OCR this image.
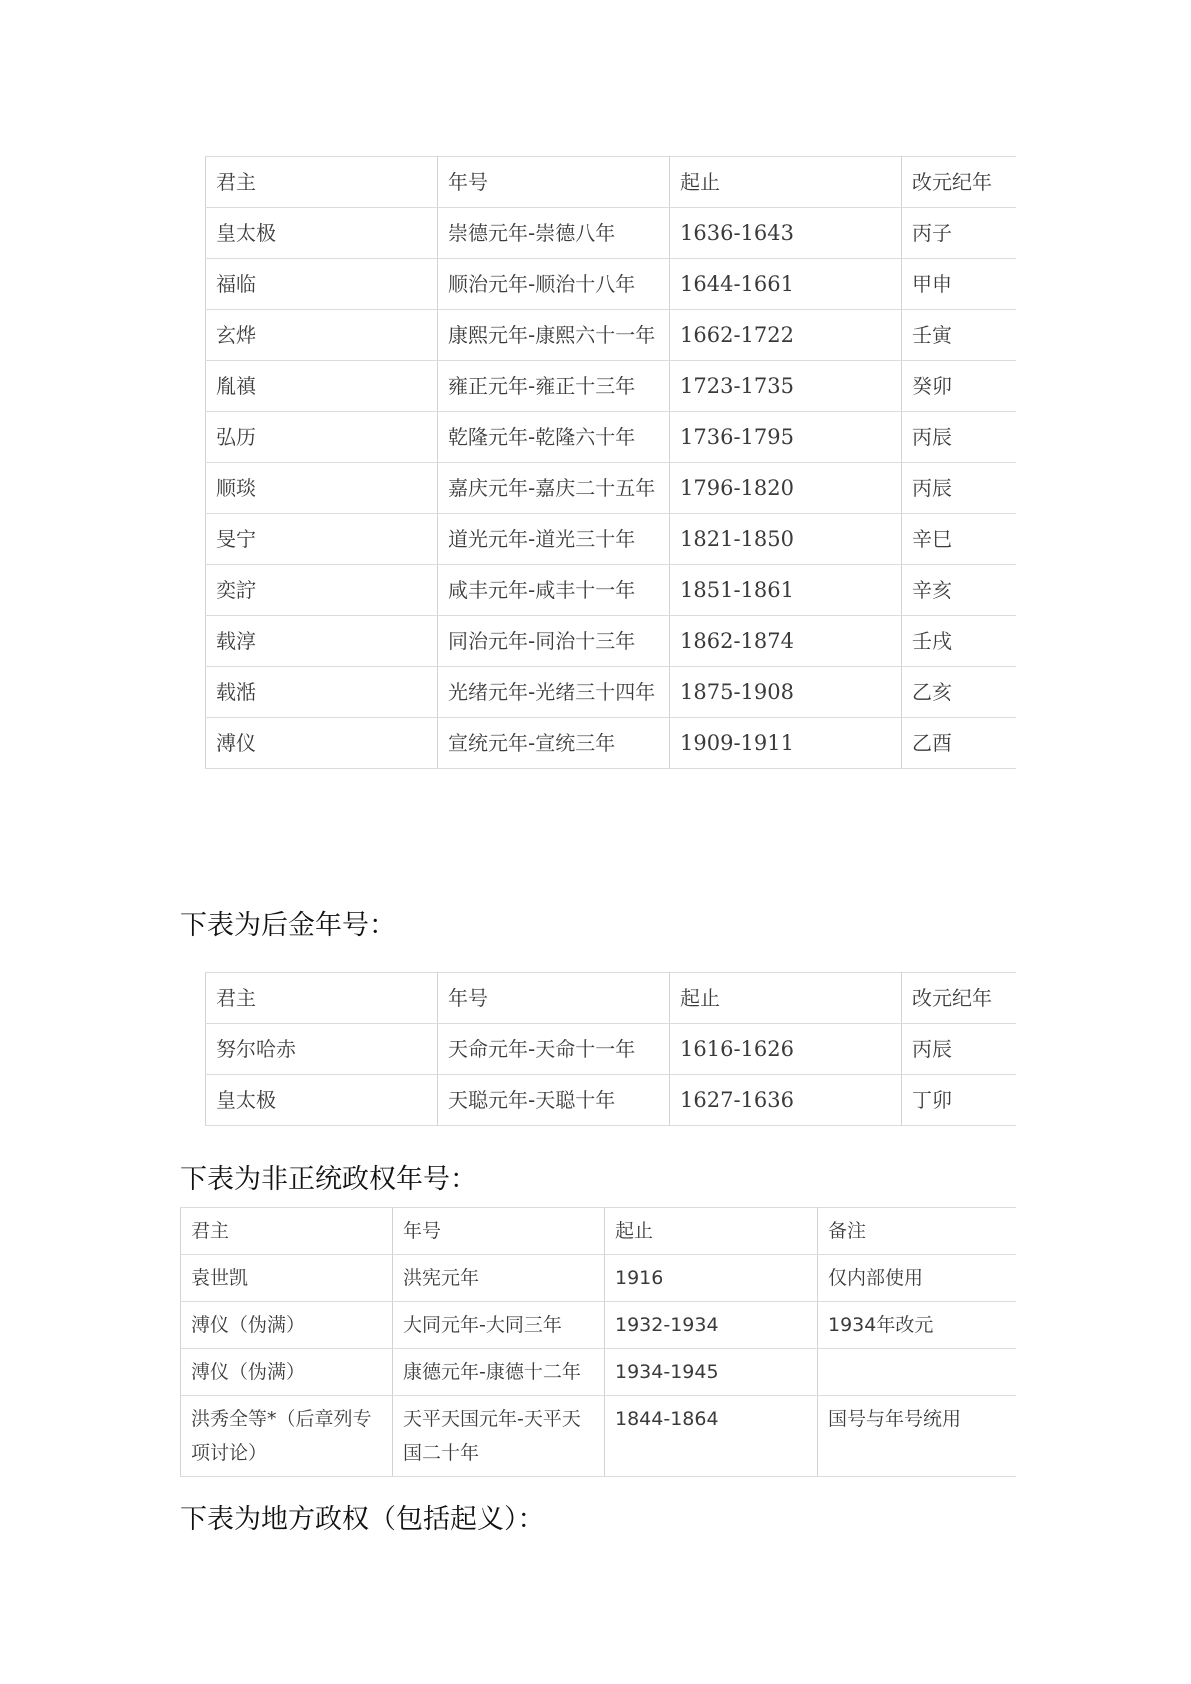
君主	年号	起止	改元纪年
皇太极	崇德元年-崇德八年	1636-1643	丙子
福临	顺治元年-顺治十八年	1644-1661	甲申
玄烨	康熙元年-康熙六十一年	1662-1722	壬寅
胤禛	雍正元年-雍正十三年	1723-1735	癸卯
弘历	乾隆元年-乾隆六十年	1736-1795	丙辰
顺琰	嘉庆元年-嘉庆二十五年	1796-1820	丙辰
旻宁	道光元年-道光三十年	1821-1850	辛巳
奕詝	咸丰元年-咸丰十一年	1851-1861	辛亥
载淳	同治元年-同治十三年	1862-1874	壬戌
载湉	光绪元年-光绪三十四年	1875-1908	乙亥
溥仪	宣统元年-宣统三年	1909-1911	乙酉
下表为后金年号：
君主	年号	起止	改元纪年
努尔哈赤	天命元年-天命十一年	1616-1626	丙辰
皇太极	天聪元年-天聪十年	1627-1636	丁卯
下表为非正统政权年号：
君主	年号	起止	备注
袁世凯	洪宪元年	1916	仅内部使用
溥仪（伪满）	大同元年-大同三年	1932-1934	1934年改元
溥仪（伪满）	康德元年-康德十二年	1934-1945	
洪秀全等*（后章列专项讨论）	天平天国元年-天平天国二十年	1844-1864	国号与年号统用
下表为地方政权（包括起义）：
